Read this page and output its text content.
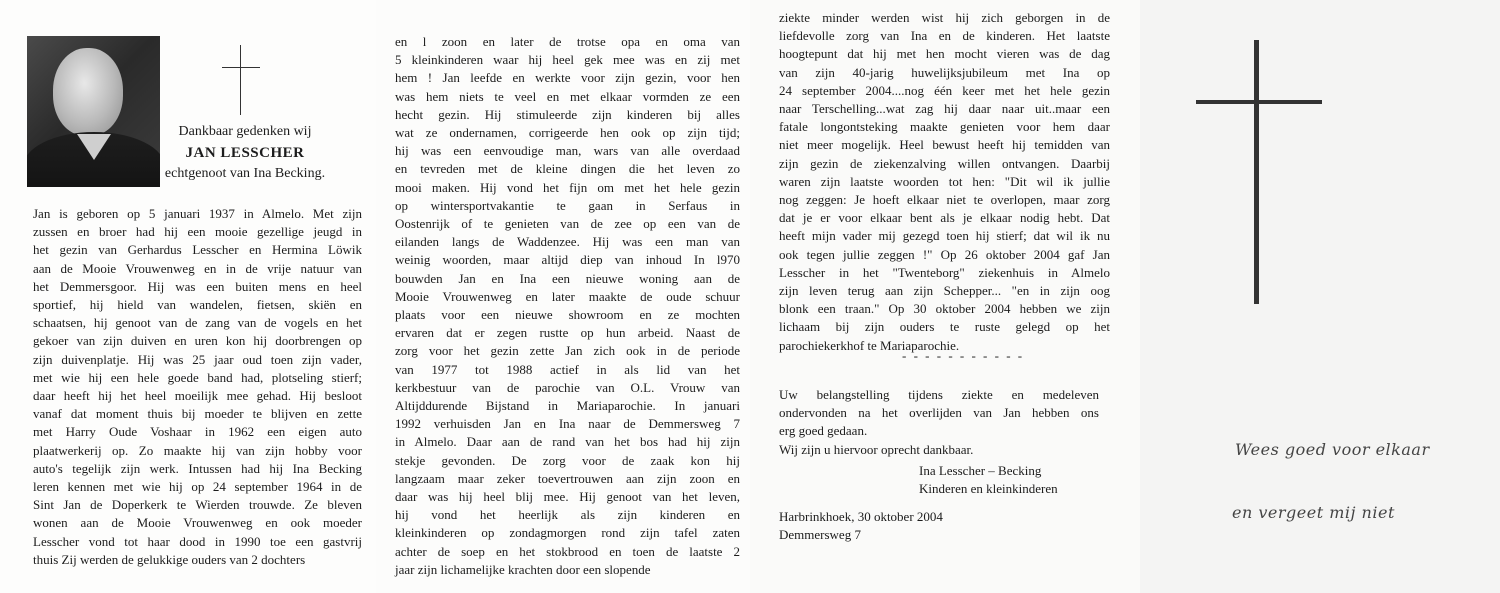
Dankbaar gedenken wij
JAN LESSCHER
echtgenoot van Ina Becking.
Jan is geboren op 5 januari 1937 in Almelo. Met zijn
zussen en broer had hij een mooie gezellige jeugd in
het gezin van Gerhardus Lesscher en Hermina Löwik
aan de Mooie Vrouwenweg en in de vrije natuur van
het Demmersgoor. Hij was een buiten mens en heel
sportief, hij hield van wandelen, fietsen, skiën en
schaatsen, hij genoot van de zang van de vogels en het
gekoer van zijn duiven en uren kon hij doorbrengen op
zijn duivenplatje. Hij was 25 jaar oud toen zijn vader,
met wie hij een hele goede band had, plotseling stierf;
daar heeft hij het heel moeilijk mee gehad. Hij besloot
vanaf dat moment thuis bij moeder te blijven en zette
met Harry Oude Voshaar in 1962 een eigen auto
plaatwerkerij op. Zo maakte hij van zijn hobby voor
auto's tegelijk zijn werk. Intussen had hij Ina Becking
leren kennen met wie hij op 24 september 1964 in de
Sint Jan de Doperkerk te Wierden trouwde. Ze bleven
wonen aan de Mooie Vrouwenweg en ook moeder
Lesscher vond tot haar dood in 1990 toe een gastvrij
thuis Zij werden de gelukkige ouders van 2 dochters
en l zoon en later de trotse opa en oma van
5 kleinkinderen waar hij heel gek mee was en zij met
hem ! Jan leefde en werkte voor zijn gezin, voor hen
was hem niets te veel en met elkaar vormden ze een
hecht gezin. Hij stimuleerde zijn kinderen bij alles
wat ze ondernamen, corrigeerde hen ook op zijn tijd;
hij was een eenvoudige man, wars van alle overdaad
en tevreden met de kleine dingen die het leven zo
mooi maken. Hij vond het fijn om met het hele gezin
op wintersportvakantie te gaan in Serfaus in
Oostenrijk of te genieten van de zee op een van de
eilanden langs de Waddenzee. Hij was een man van
weinig woorden, maar altijd diep van inhoud In l970
bouwden Jan en Ina een nieuwe woning aan de
Mooie Vrouwenweg en later maakte de oude schuur
plaats voor een nieuwe showroom en ze mochten
ervaren dat er zegen rustte op hun arbeid. Naast de
zorg voor het gezin zette Jan zich ook in de periode
van 1977 tot 1988 actief in als lid van het
kerkbestuur van de parochie van O.L. Vrouw van
Altijddurende Bijstand in Mariaparochie. In januari
1992 verhuisden Jan en Ina naar de Demmersweg 7
in Almelo. Daar aan de rand van het bos had hij zijn
stekje gevonden. De zorg voor de zaak kon hij
langzaam maar zeker toevertrouwen aan zijn zoon en
daar was hij heel blij mee. Hij genoot van het leven,
hij vond het heerlijk als zijn kinderen en
kleinkinderen op zondagmorgen rond zijn tafel zaten
achter de soep en het stokbrood en toen de laatste 2
jaar zijn lichamelijke krachten door een slopende
ziekte minder werden wist hij zich geborgen in de
liefdevolle zorg van Ina en de kinderen. Het laatste
hoogtepunt dat hij met hen mocht vieren was de dag
van zijn 40-jarig huwelijksjubileum met Ina op
24 september 2004....nog één keer met het hele gezin
naar Terschelling...wat zag hij daar naar uit..maar een
fatale longontsteking maakte genieten voor hem daar
niet meer mogelijk. Heel bewust heeft hij temidden van
zijn gezin de ziekenzalving willen ontvangen. Daarbij
waren zijn laatste woorden tot hen: "Dit wil ik jullie
nog zeggen: Je hoeft elkaar niet te overlopen, maar zorg
dat je er voor elkaar bent als je elkaar nodig hebt. Dat
heeft mijn vader mij gezegd toen hij stierf; dat wil ik nu
ook tegen jullie zeggen !" Op 26 oktober 2004 gaf Jan
Lesscher in het "Twenteborg" ziekenhuis in Almelo
zijn leven terug aan zijn Schepper... "en in zijn oog
blonk een traan." Op 30 oktober 2004 hebben we zijn
lichaam bij zijn ouders te ruste gelegd op het
parochiekerkhof te Mariaparochie.
- - - - - - - - - - -
Uw belangstelling tijdens ziekte en medeleven
ondervonden na het overlijden van Jan hebben ons
erg goed gedaan.
Wij zijn u hiervoor oprecht dankbaar.
Ina Lesscher – Becking
Kinderen en kleinkinderen
Harbrinkhoek, 30 oktober 2004
Demmersweg 7
Wees goed voor elkaar
en vergeet mij niet
